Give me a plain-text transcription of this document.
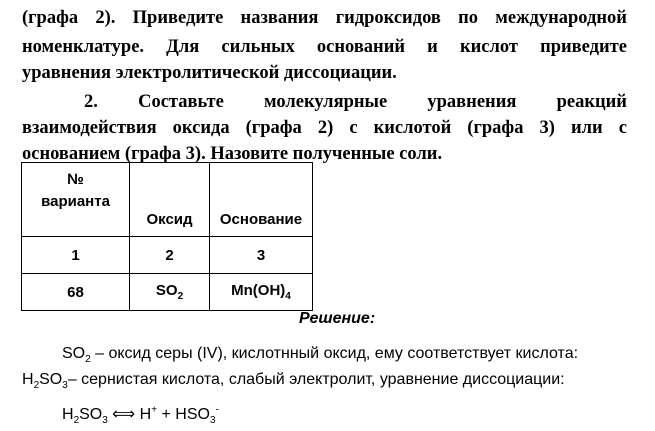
(графа 2). Приведите названия гидроксидов по международной
номенклатуре. Для сильных оснований и кислот приведите
уравнения электролитической диссоциации.
2. Составьте молекулярные уравнения реакций
взаимодействия оксида (графа 2) с кислотой (графа 3) или с
основанием (графа 3). Назовите полученные соли.
№ варианта	Оксид	Основание
1	2	3
68	$SO_2$	$Mn(OH)_4$
Решение:
$SO_2$ – оксид серы (IV), кислотнный оксид, ему соответствует кислота:
$H_2SO_3-$ сернистая кислота, слабый электролит, уравнение диссоциации:
$H_2SO_3$ ⟺ $H^+ + HSO_3^-$
